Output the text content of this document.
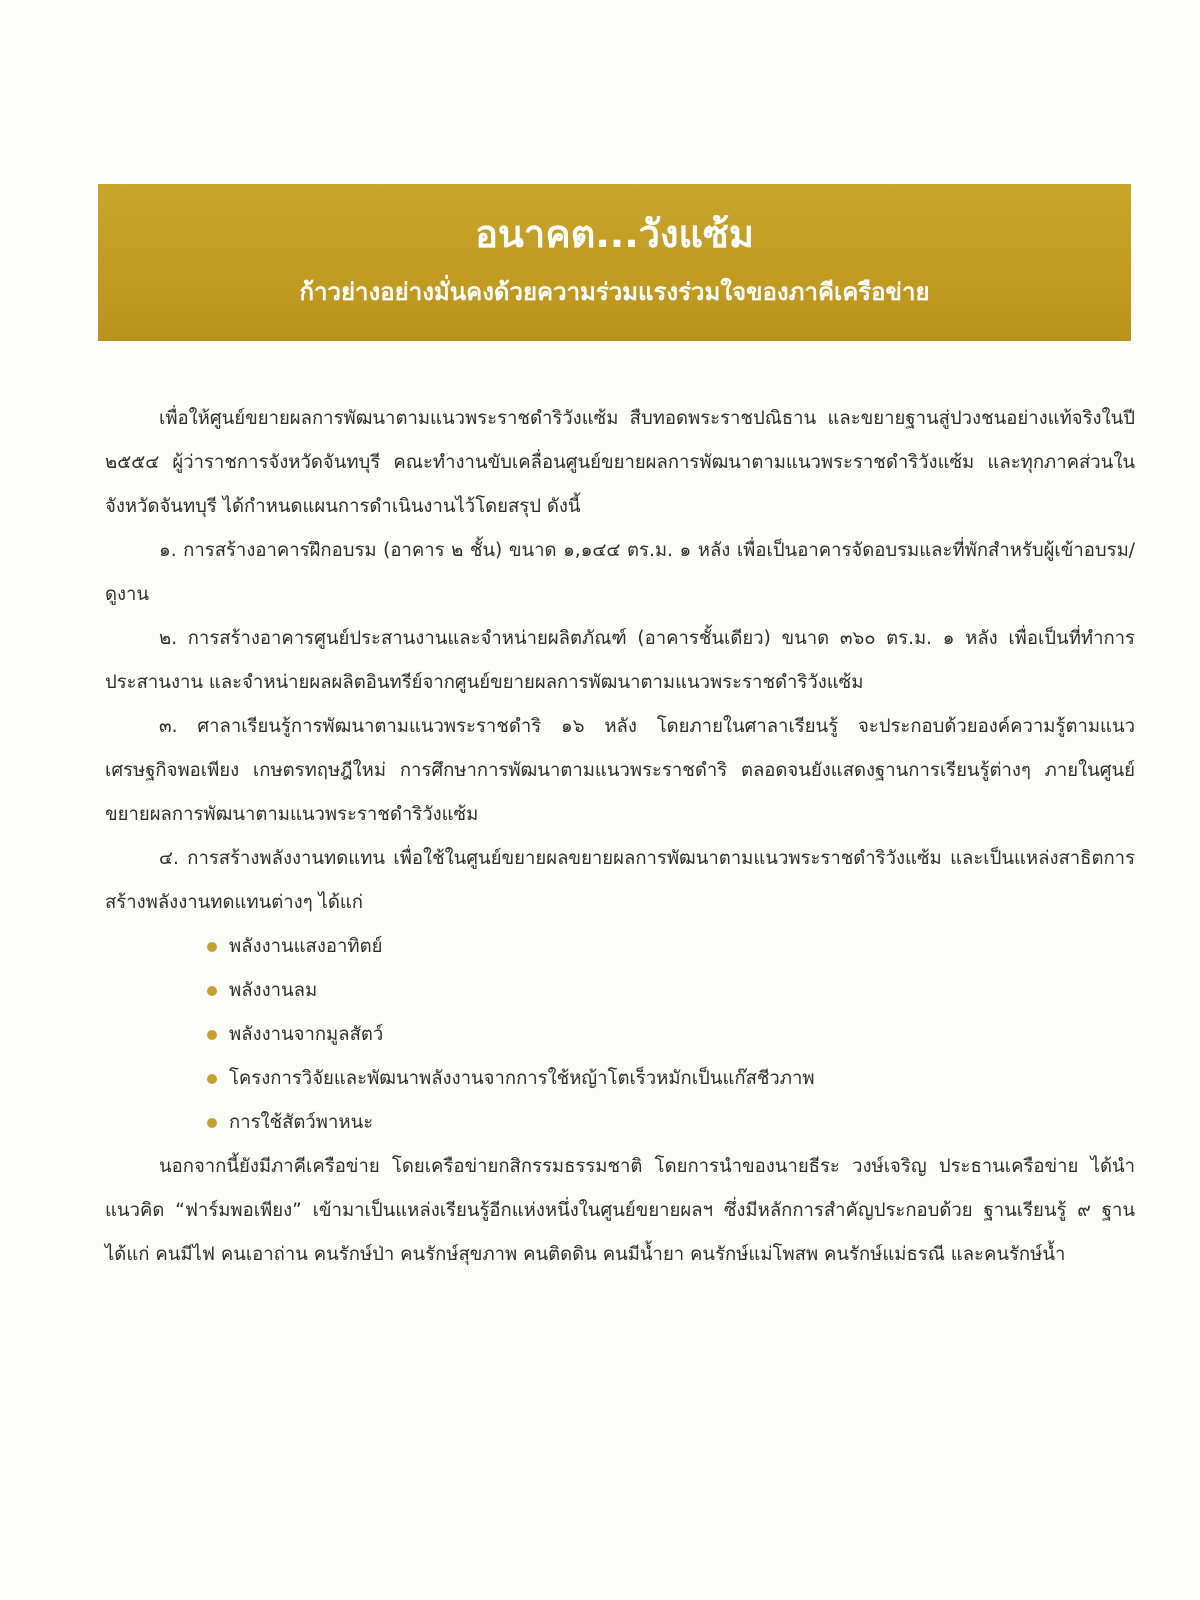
อนาคต...วังแซ้ม
ก้าวย่างอย่างมั่นคงด้วยความร่วมแรงร่วมใจของภาคีเครือข่าย

เพื่อให้ศูนย์ขยายผลการพัฒนาตามแนวพระราชดำริวังแซ้ม สืบทอดพระราชปณิธาน และขยายฐานสู่ปวงชนอย่างแท้จริงในปี ๒๕๕๔ ผู้ว่าราชการจังหวัดจันทบุรี คณะทำงานขับเคลื่อนศูนย์ขยายผลการพัฒนาตามแนวพระราชดำริวังแซ้ม และทุกภาคส่วนในจังหวัดจันทบุรี ได้กำหนดแผนการดำเนินงานไว้โดยสรุป ดังนี้

๑. การสร้างอาคารฝึกอบรม (อาคาร ๒ ชั้น) ขนาด ๑,๑๔๔ ตร.ม. ๑ หลัง เพื่อเป็นอาคารจัดอบรมและที่พักสำหรับผู้เข้าอบรม/ดูงาน

๒. การสร้างอาคารศูนย์ประสานงานและจำหน่ายผลิตภัณฑ์ (อาคารชั้นเดียว) ขนาด ๓๖๐ ตร.ม. ๑ หลัง เพื่อเป็นที่ทำการประสานงาน และจำหน่ายผลผลิตอินทรีย์จากศูนย์ขยายผลการพัฒนาตามแนวพระราชดำริวังแซ้ม

๓. ศาลาเรียนรู้การพัฒนาตามแนวพระราชดำริ ๑๖ หลัง โดยภายในศาลาเรียนรู้ จะประกอบด้วยองค์ความรู้ตามแนวเศรษฐกิจพอเพียง เกษตรทฤษฎีใหม่ การศึกษาการพัฒนาตามแนวพระราชดำริ ตลอดจนยังแสดงฐานการเรียนรู้ต่างๆ ภายในศูนย์ขยายผลการพัฒนาตามแนวพระราชดำริวังแซ้ม

๔. การสร้างพลังงานทดแทน เพื่อใช้ในศูนย์ขยายผลขยายผลการพัฒนาตามแนวพระราชดำริวังแซ้ม และเป็นแหล่งสาธิตการสร้างพลังงานทดแทนต่างๆ ได้แก่

พลังงานแสงอาทิตย์
พลังงานลม
พลังงานจากมูลสัตว์
โครงการวิจัยและพัฒนาพลังงานจากการใช้หญ้าโตเร็วหมักเป็นแก๊สชีวภาพ
การใช้สัตว์พาหนะ

นอกจากนี้ยังมีภาคีเครือข่าย โดยเครือข่ายกสิกรรมธรรมชาติ โดยการนำของนายธีระ วงษ์เจริญ ประธานเครือข่าย ได้นำแนวคิด “ฟาร์มพอเพียง” เข้ามาเป็นแหล่งเรียนรู้อีกแห่งหนึ่งในศูนย์ขยายผลฯ ซึ่งมีหลักการสำคัญประกอบด้วย ฐานเรียนรู้ ๙ ฐาน ได้แก่ คนมีไฟ คนเอาถ่าน คนรักษ์ป่า คนรักษ์สุขภาพ คนติดดิน คนมีน้ำยา คนรักษ์แม่โพสพ คนรักษ์แม่ธรณี และคนรักษ์น้ำ
